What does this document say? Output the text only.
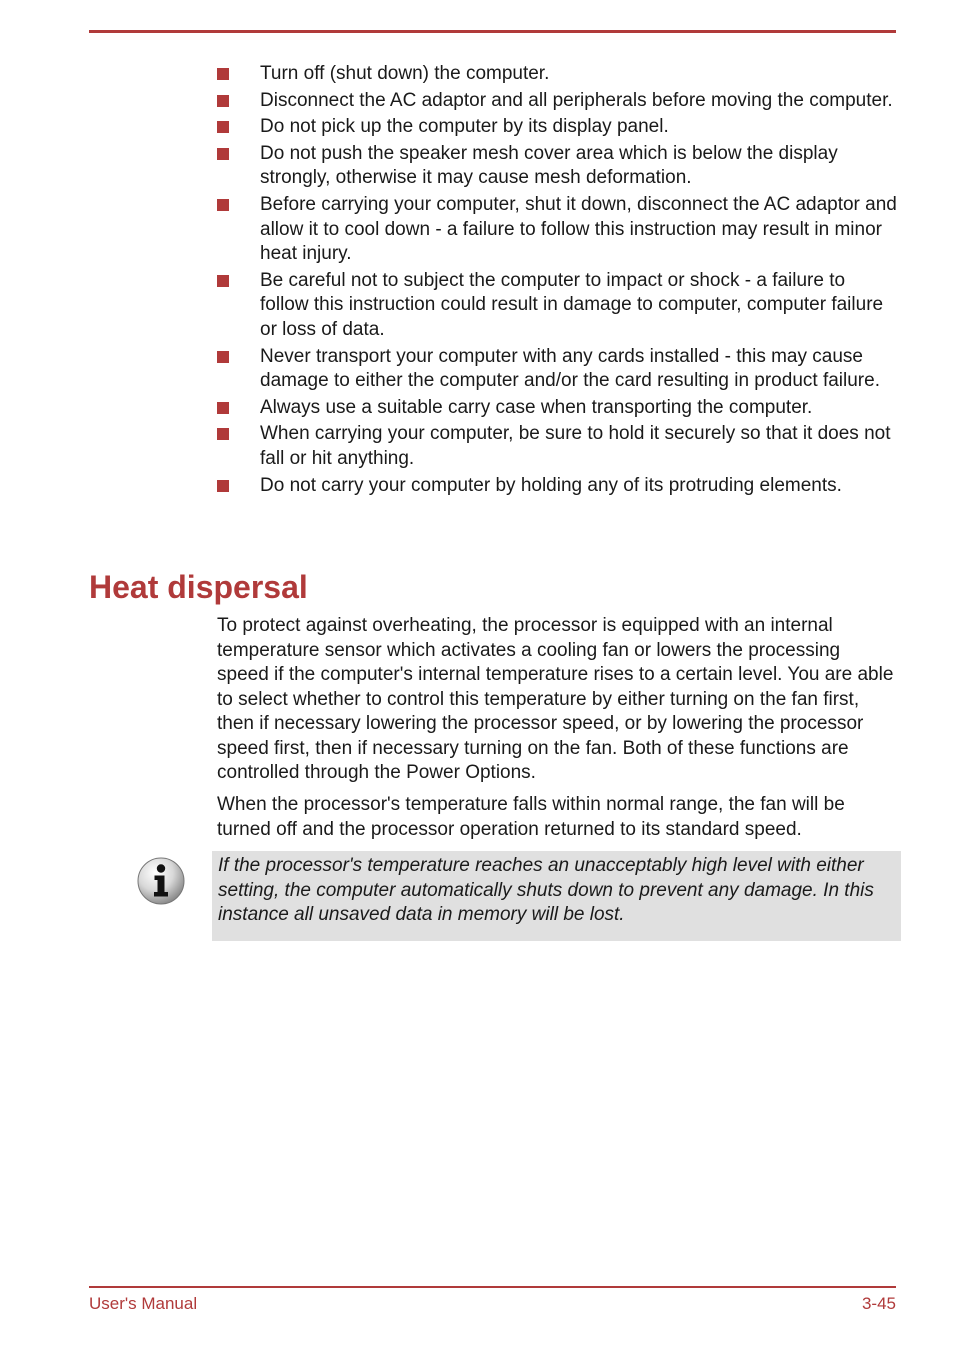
Turn off (shut down) the computer.
Disconnect the AC adaptor and all peripherals before moving the computer.
Do not pick up the computer by its display panel.
Do not push the speaker mesh cover area which is below the display strongly, otherwise it may cause mesh deformation.
Before carrying your computer, shut it down, disconnect the AC adaptor and allow it to cool down - a failure to follow this instruction may result in minor heat injury.
Be careful not to subject the computer to impact or shock - a failure to follow this instruction could result in damage to computer, computer failure or loss of data.
Never transport your computer with any cards installed - this may cause damage to either the computer and/or the card resulting in product failure.
Always use a suitable carry case when transporting the computer.
When carrying your computer, be sure to hold it securely so that it does not fall or hit anything.
Do not carry your computer by holding any of its protruding elements.
Heat dispersal

To protect against overheating, the processor is equipped with an internal temperature sensor which activates a cooling fan or lowers the processing speed if the computer's internal temperature rises to a certain level. You are able to select whether to control this temperature by either turning on the fan first, then if necessary lowering the processor speed, or by lowering the processor speed first, then if necessary turning on the fan. Both of these functions are controlled through the Power Options.

When the processor's temperature falls within normal range, the fan will be turned off and the processor operation returned to its standard speed.

If the processor's temperature reaches an unacceptably high level with either setting, the computer automatically shuts down to prevent any damage. In this instance all unsaved data in memory will be lost.

User's Manual	3-45
